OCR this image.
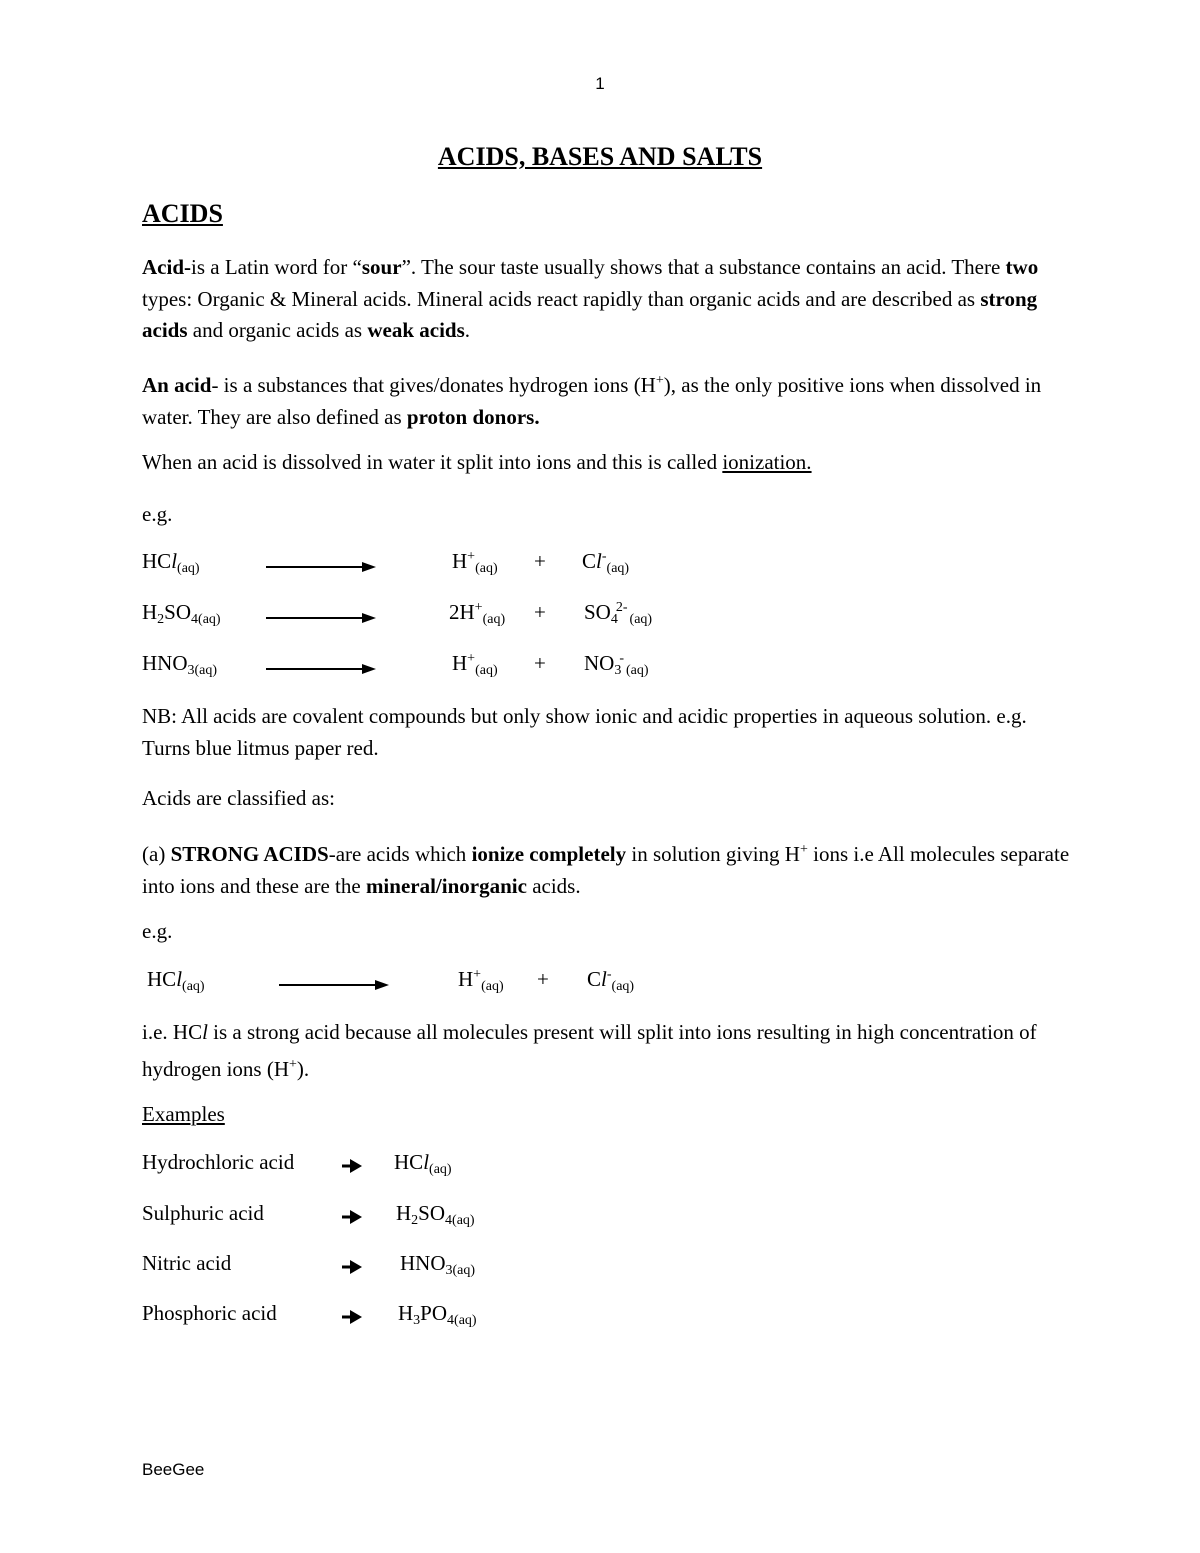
1
ACIDS, BASES AND SALTS
ACIDS
Acid-is a Latin word for “sour”. The sour taste usually shows that a substance contains an acid. There two types: Organic & Mineral acids. Mineral acids react rapidly than organic acids and are described as strong acids and organic acids as weak acids.
An acid- is a substances that gives/donates hydrogen ions (H+), as the only positive ions when dissolved in water. They are also defined as proton donors.
When an acid is dissolved in water it split into ions and this is called ionization.
e.g.
HCl$_{(aq)}$	$H^+_{(aq)} + Cl^-_{(aq)}$
$H_2SO_{4(aq)}$	$2H^+_{(aq)} + SO_4^{2-}_{(aq)}$
$HNO_{3(aq)}$	$H^+_{(aq)} + NO_3^-_{(aq)}$
NB: All acids are covalent compounds but only show ionic and acidic properties in aqueous solution. e.g. Turns blue litmus paper red.
Acids are classified as:
(a) STRONG ACIDS-are acids which ionize completely in solution giving H+ ions i.e All molecules separate into ions and these are the mineral/inorganic acids.
e.g.
HCl$_{(aq)}$	$H^+_{(aq)} + Cl^-_{(aq)}$
i.e. HCl is a strong acid because all molecules present will split into ions resulting in high concentration of hydrogen ions (H+).
Examples
Hydrochloric acid	HCl$_{(aq)}$
Sulphuric acid	$H_2SO_{4(aq)}$
Nitric acid	$HNO_{3(aq)}$
Phosphoric acid	$H_3PO_{4(aq)}$
BeeGee
